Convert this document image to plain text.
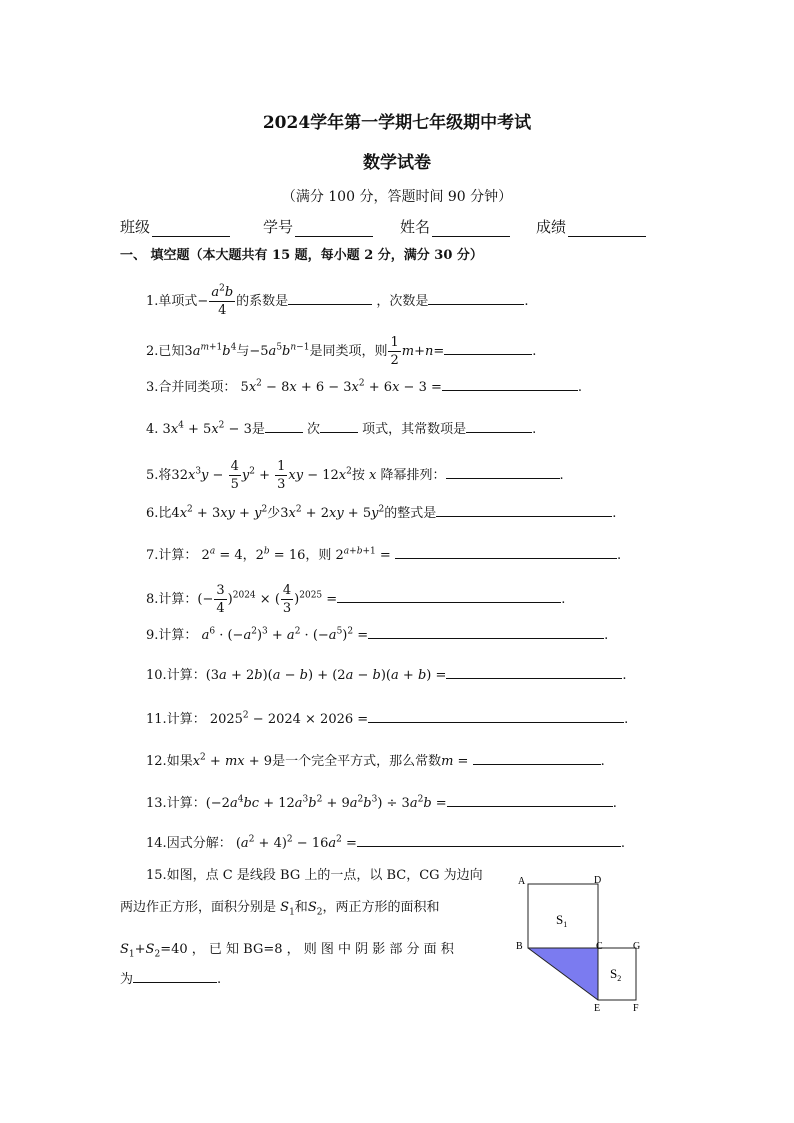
2024学年第一学期七年级期中考试
数学试卷
（满分 100 分，答题时间 90 分钟）
班级	学号	姓名	成绩
一、 填空题（本大题共有 15 题，每小题 2 分，满分 30 分）
1.单项式− $\frac{a^2b}{4}$ 的系数是	，次数是	.
2.已知$3a^{m+1}b^4$与$-5a^5b^{n-1}$是同类项，则 $\frac{1}{2} m+n=$	.
3.合并同类项： $5x^2 - 8x + 6 - 3x^2 + 6x - 3$ =	.
4. $3x^4 + 5x^2 - 3$是	次	项式，其常数项是	.
5.将$32x^3y - \frac{4}{5} y^2 + \frac{1}{3}$ xy − $12x^2$按 x 降幂排列：	.
6.比$4x^2 + 3xy + y^2$少$3x^2 + 2xy + 5y^2$的整式是	.
7.计算： $2^a = 4$，$2^b = 16$，则 $2^{a+b+1}$ =	.
8.计算：(− $\frac{3}{4} )^{2024}$ × ( $\frac{4}{3} )^{2025}$ =	.
9.计算： $a^6 \cdot (-a^2)^3 + a^2 \cdot (-a^5)^2$ =	.
10.计算：(3a + 2b)(a − b) + (2a − b)(a + b) =	.
11.计算： $2025^2 - 2024 \times 2026$ =	.
12.如果$x^2$ + mx + 9是一个完全平方式，那么常数m =	.
13.计算：$(-2a^4bc + 12a^3b^2 + 9a^2b^3) \div 3a^2b$ =	.
14.因式分解： $(a^2 + 4)^2 - 16a^2$ =	.
15.如图，点 C 是线段 BG 上的一点，以 BC，CG 为边向
两边作正方形，面积分别是 $S_1$和$S_2$，两正方形的面积和
$S_1+S_2=40$ ， 已 知 BG=8 ， 则 图 中 阴 影 部 分 面 积
为	.
A	D
B	C	G
E	F
$S_1$
$S_2$
